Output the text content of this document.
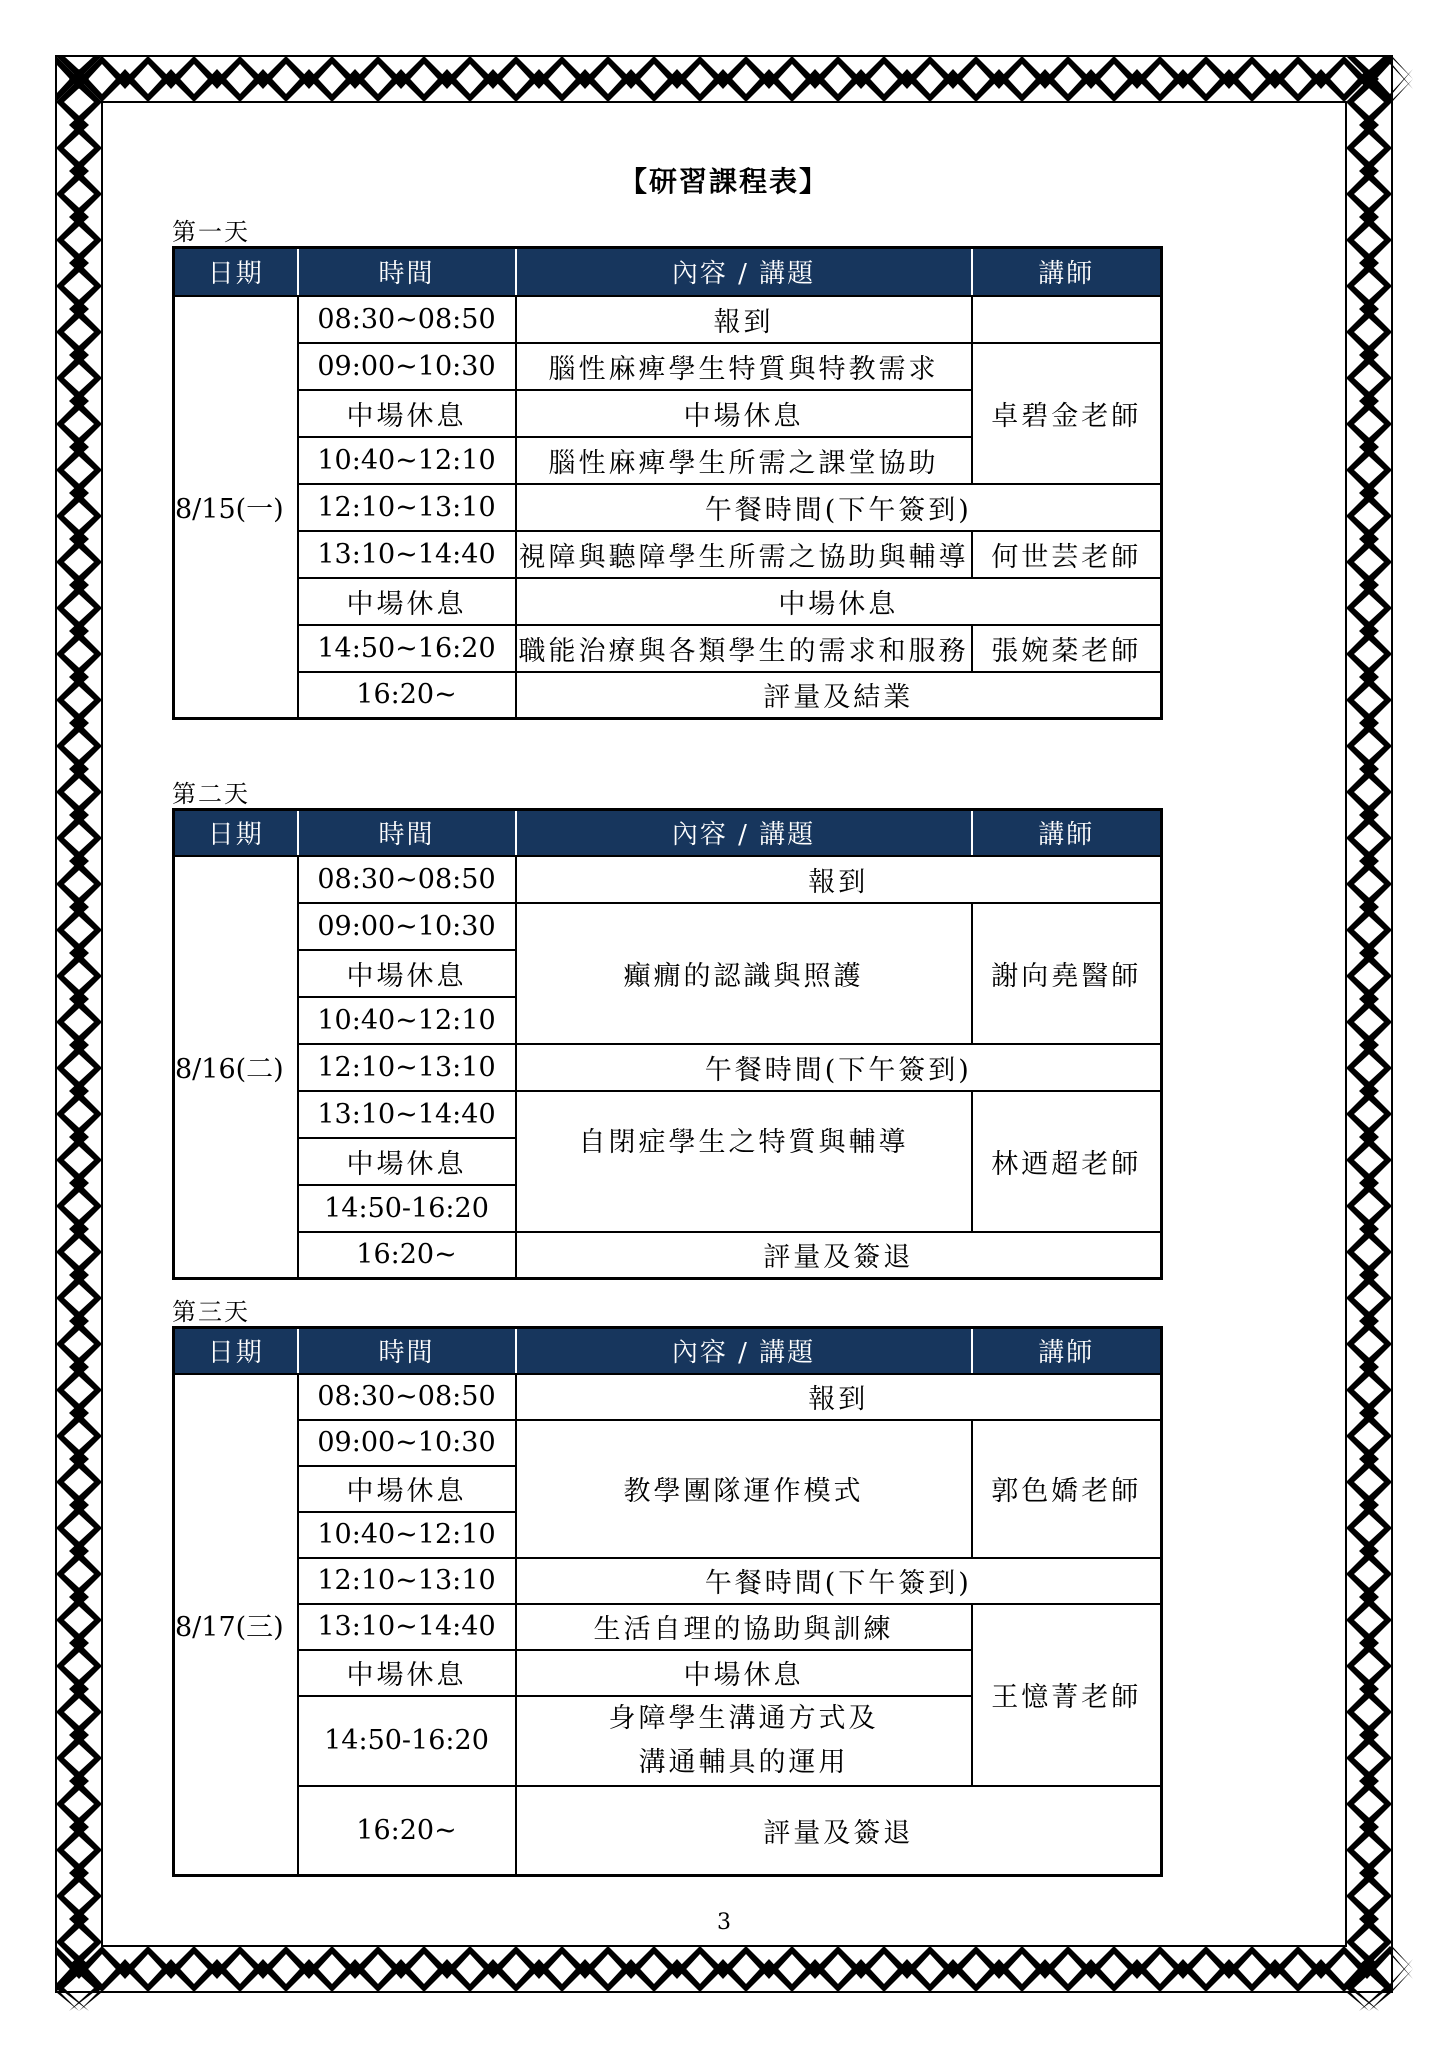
【研習課程表】
第一天
日期	時間	內容 / 講題	講師
8/15(一)	08:30~08:50	報到	
	09:00~10:30	腦性麻痺學生特質與特教需求	卓碧金老師
	中場休息	中場休息	
	10:40~12:10	腦性麻痺學生所需之課堂協助	
	12:10~13:10	午餐時間(下午簽到)	
	13:10~14:40	視障與聽障學生所需之協助與輔導	何世芸老師
	中場休息	中場休息	
	14:50~16:20	職能治療與各類學生的需求和服務	張婉棻老師
	16:20~	評量及結業	
第二天
日期	時間	內容 / 講題	講師
8/16(二)	08:30~08:50	報到	
	09:00~10:30	癲癇的認識與照護	謝向堯醫師
	中場休息		
	10:40~12:10		
	12:10~13:10	午餐時間(下午簽到)	
	13:10~14:40	自閉症學生之特質與輔導	林迺超老師
	中場休息		
	14:50-16:20		
	16:20~	評量及簽退	
第三天
日期	時間	內容 / 講題	講師
8/17(三)	08:30~08:50	報到	
	09:00~10:30	教學團隊運作模式	郭色嬌老師
	中場休息		
	10:40~12:10		
	12:10~13:10	午餐時間(下午簽到)	
	13:10~14:40	生活自理的協助與訓練	王憶菁老師
	中場休息	中場休息	
	14:50-16:20	身障學生溝通方式及
溝通輔具的運用	

	16:20~	評量及簽退	
3
